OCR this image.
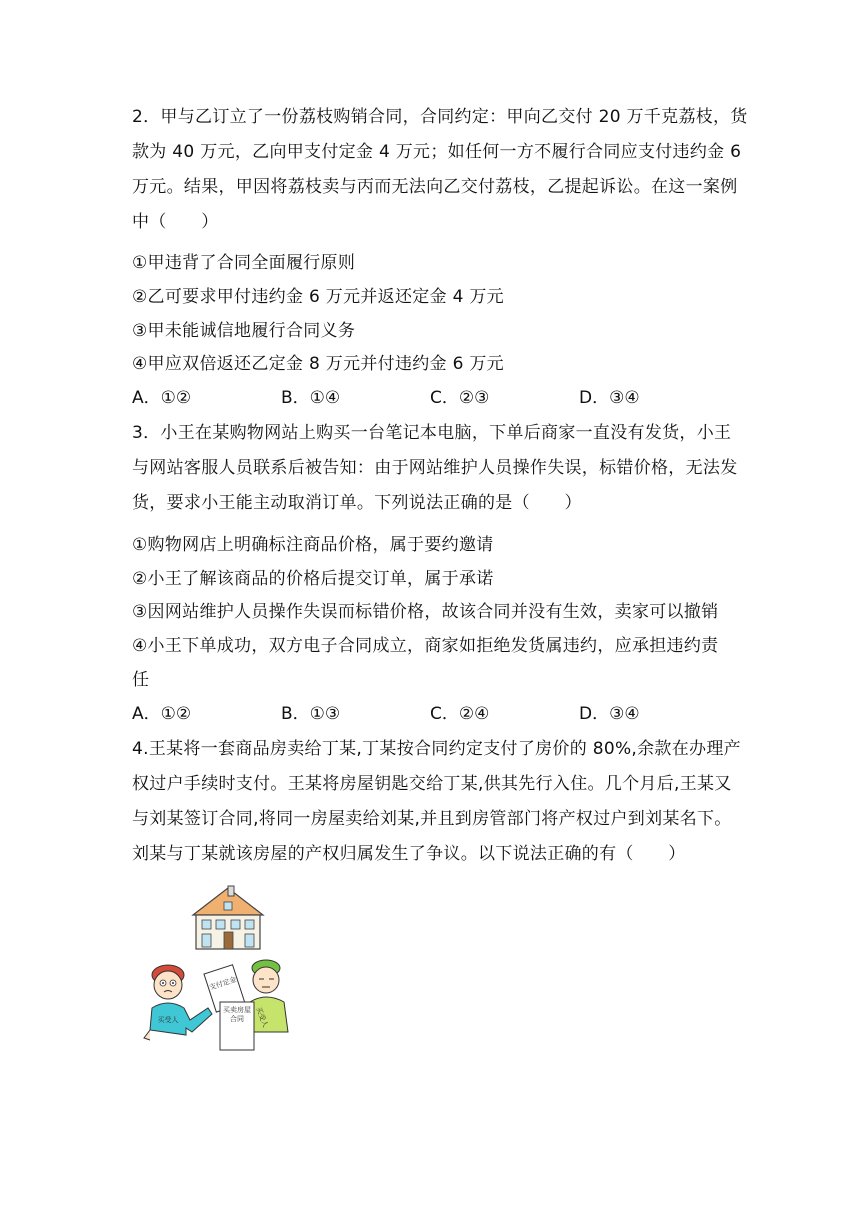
2．甲与乙订立了一份荔枝购销合同，合同约定：甲向乙交付 20 万千克荔枝，货
款为 40 万元，乙向甲支付定金 4 万元；如任何一方不履行合同应支付违约金 6
万元。结果，甲因将荔枝卖与丙而无法向乙交付荔枝，乙提起诉讼。在这一案例
中（　　）
①甲违背了合同全面履行原则
②乙可要求甲付违约金 6 万元并返还定金 4 万元
③甲未能诚信地履行合同义务
④甲应双倍返还乙定金 8 万元并付违约金 6 万元
A．①②	B．①④	C．②③	D．③④
3．小王在某购物网站上购买一台笔记本电脑，下单后商家一直没有发货，小王
与网站客服人员联系后被告知：由于网站维护人员操作失误，标错价格，无法发
货，要求小王能主动取消订单。下列说法正确的是（　　）
①购物网店上明确标注商品价格，属于要约邀请
②小王了解该商品的价格后提交订单，属于承诺
③因网站维护人员操作失误而标错价格，故该合同并没有生效，卖家可以撤销
④小王下单成功，双方电子合同成立，商家如拒绝发货属违约，应承担违约责
任
A．①②	B．①③	C．②④	D．③④
4.王某将一套商品房卖给丁某,丁某按合同约定支付了房价的 80%,余款在办理产
权过户手续时支付。王某将房屋钥匙交给丁某,供其先行入住。几个月后,王某又
与刘某签订合同,将同一房屋卖给刘某,并且到房管部门将产权过户到刘某名下。
刘某与丁某就该房屋的产权归属发生了争议。以下说法正确的有（　　）
买受人
支付定金
买受人
买卖房屋合同
